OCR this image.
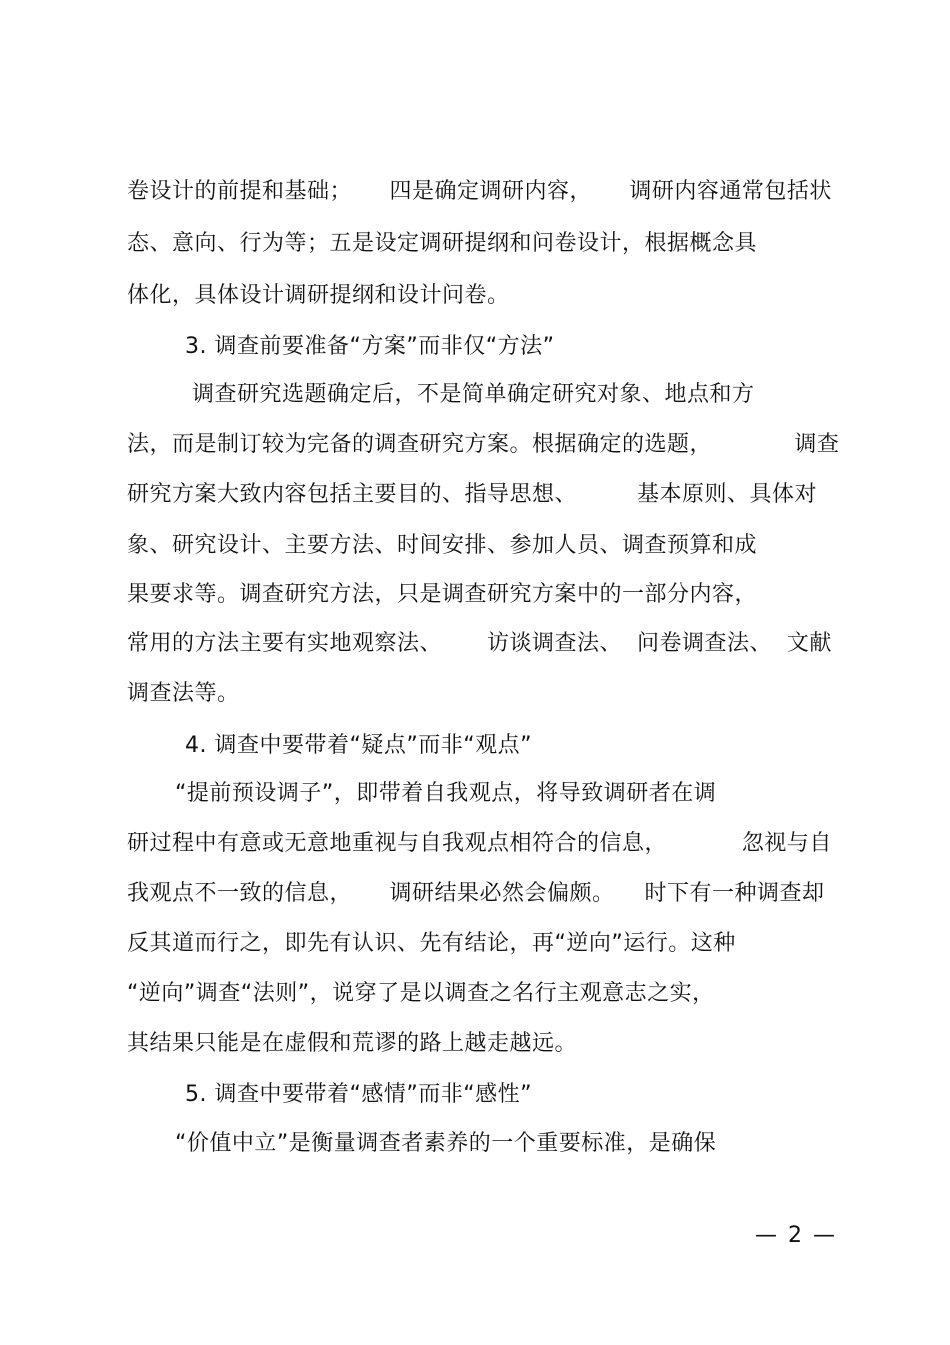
卷设计的前提和基础；     四是确定调研内容，     调研内容通常包括状
态、意向、行为等；五是设定调研提纲和问卷设计，根据概念具
体化，具体设计调研提纲和设计问卷。
3. 调查前要准备“方案”而非仅“方法”
调查研究选题确定后，不是简单确定研究对象、地点和方
法，而是制订较为完备的调查研究方案。根据确定的选题，           调查
研究方案大致内容包括主要目的、指导思想、        基本原则、具体对
象、研究设计、主要方法、时间安排、参加人员、调查预算和成
果要求等。调查研究方法，只是调查研究方案中的一部分内容，
常用的方法主要有实地观察法、      访谈调查法、  问卷调查法、  文献
调查法等。
4. 调查中要带着“疑点”而非“观点”
“提前预设调子”，即带着自我观点，将导致调研者在调
研过程中有意或无意地重视与自我观点相符合的信息，          忽视与自
我观点不一致的信息，     调研结果必然会偏颇。    时下有一种调查却
反其道而行之，即先有认识、先有结论，再“逆向”运行。这种
“逆向”调查“法则”，说穿了是以调查之名行主观意志之实，
其结果只能是在虚假和荒谬的路上越走越远。
5. 调查中要带着“感情”而非“感性”
“价值中立”是衡量调查者素养的一个重要标准，是确保
— 2 —
